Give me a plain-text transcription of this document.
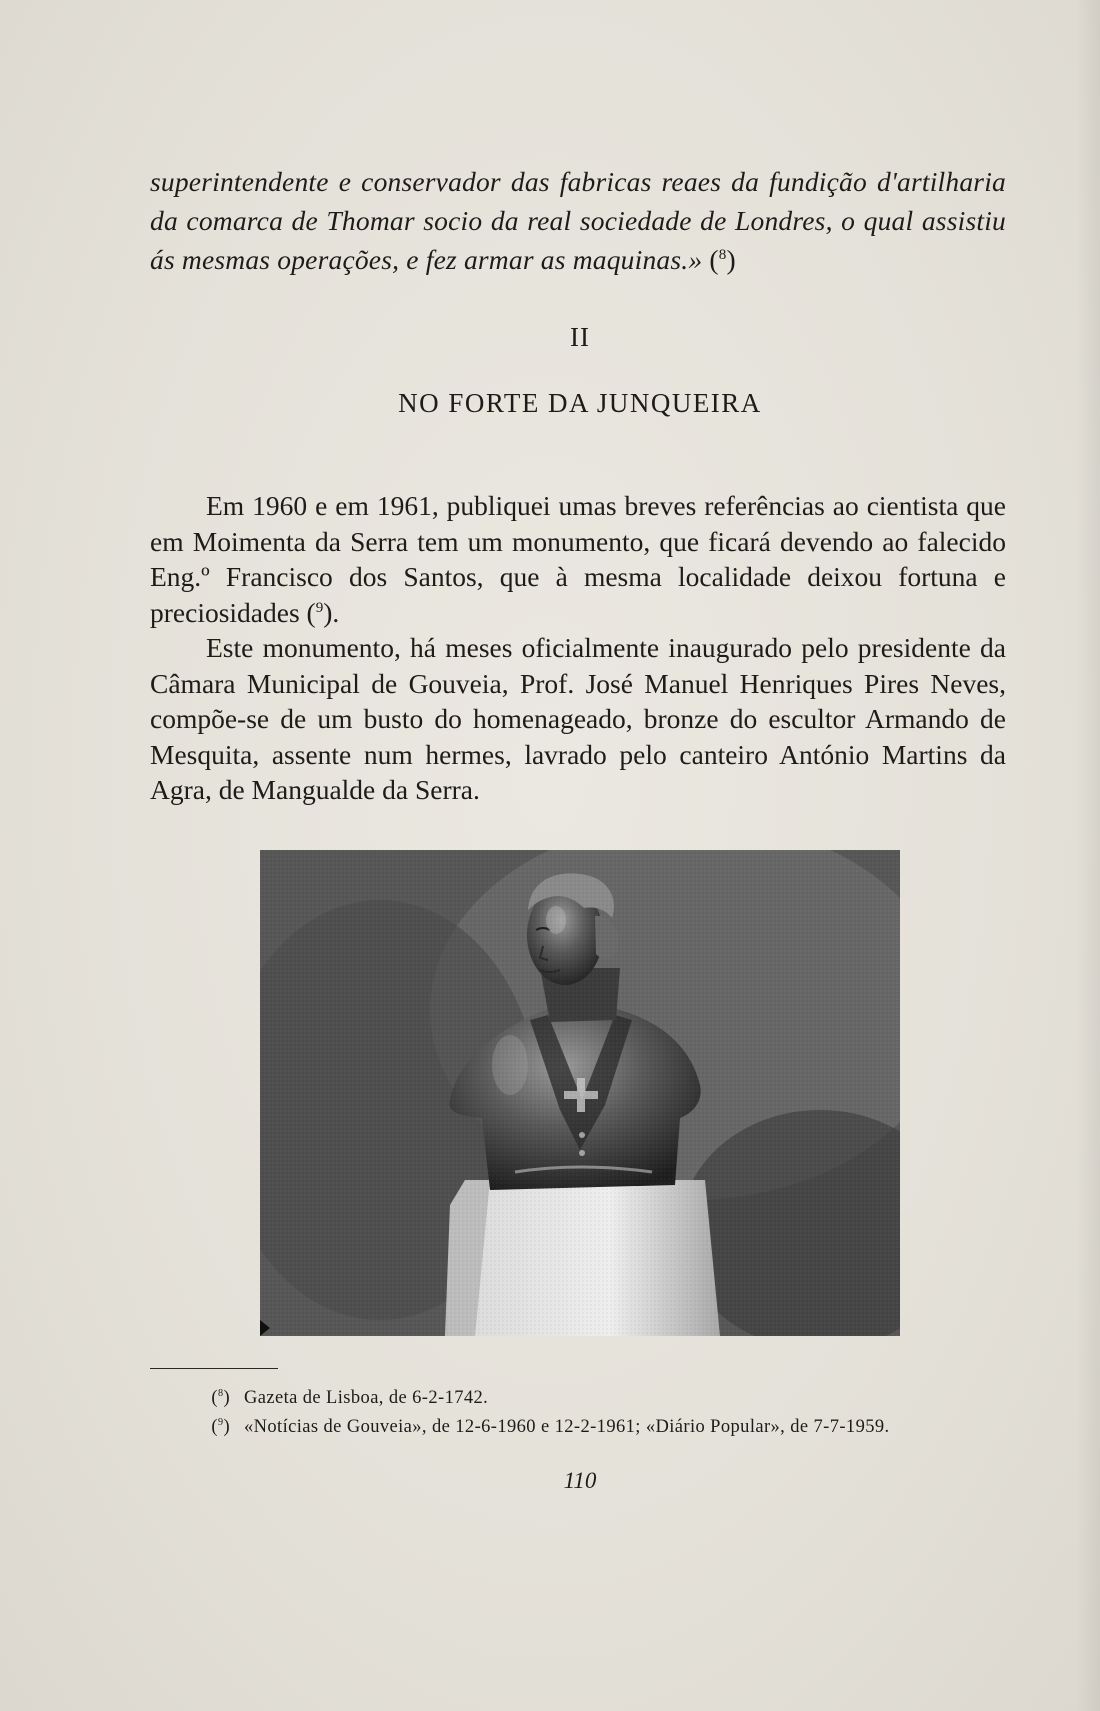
superintendente e conservador das fabricas reaes da fundição d'artilharia da comarca de Thomar socio da real sociedade de Londres, o qual assistiu ás mesmas operações, e fez armar as maquinas.» ($^8$)
II
NO FORTE DA JUNQUEIRA

Em 1960 e em 1961, publiquei umas breves referências ao cientista que em Moimenta da Serra tem um monumento, que ficará devendo ao falecido Eng.º Francisco dos Santos, que à mesma localidade deixou fortuna e preciosidades ($^9$).

Este monumento, há meses oficialmente inaugurado pelo presidente da Câmara Municipal de Gouveia, Prof. José Manuel Henriques Pires Neves, compõe-se de um busto do homenageado, bronze do escultor Armando de Mesquita, assente num hermes, lavrado pelo canteiro António Martins da Agra, de Mangualde da Serra.

($^8$) Gazeta de Lisboa, de 6-2-1742.
($^9$) «Notícias de Gouveia», de 12-6-1960 e 12-2-1961; «Diário Popular», de 7-7-1959.
110
